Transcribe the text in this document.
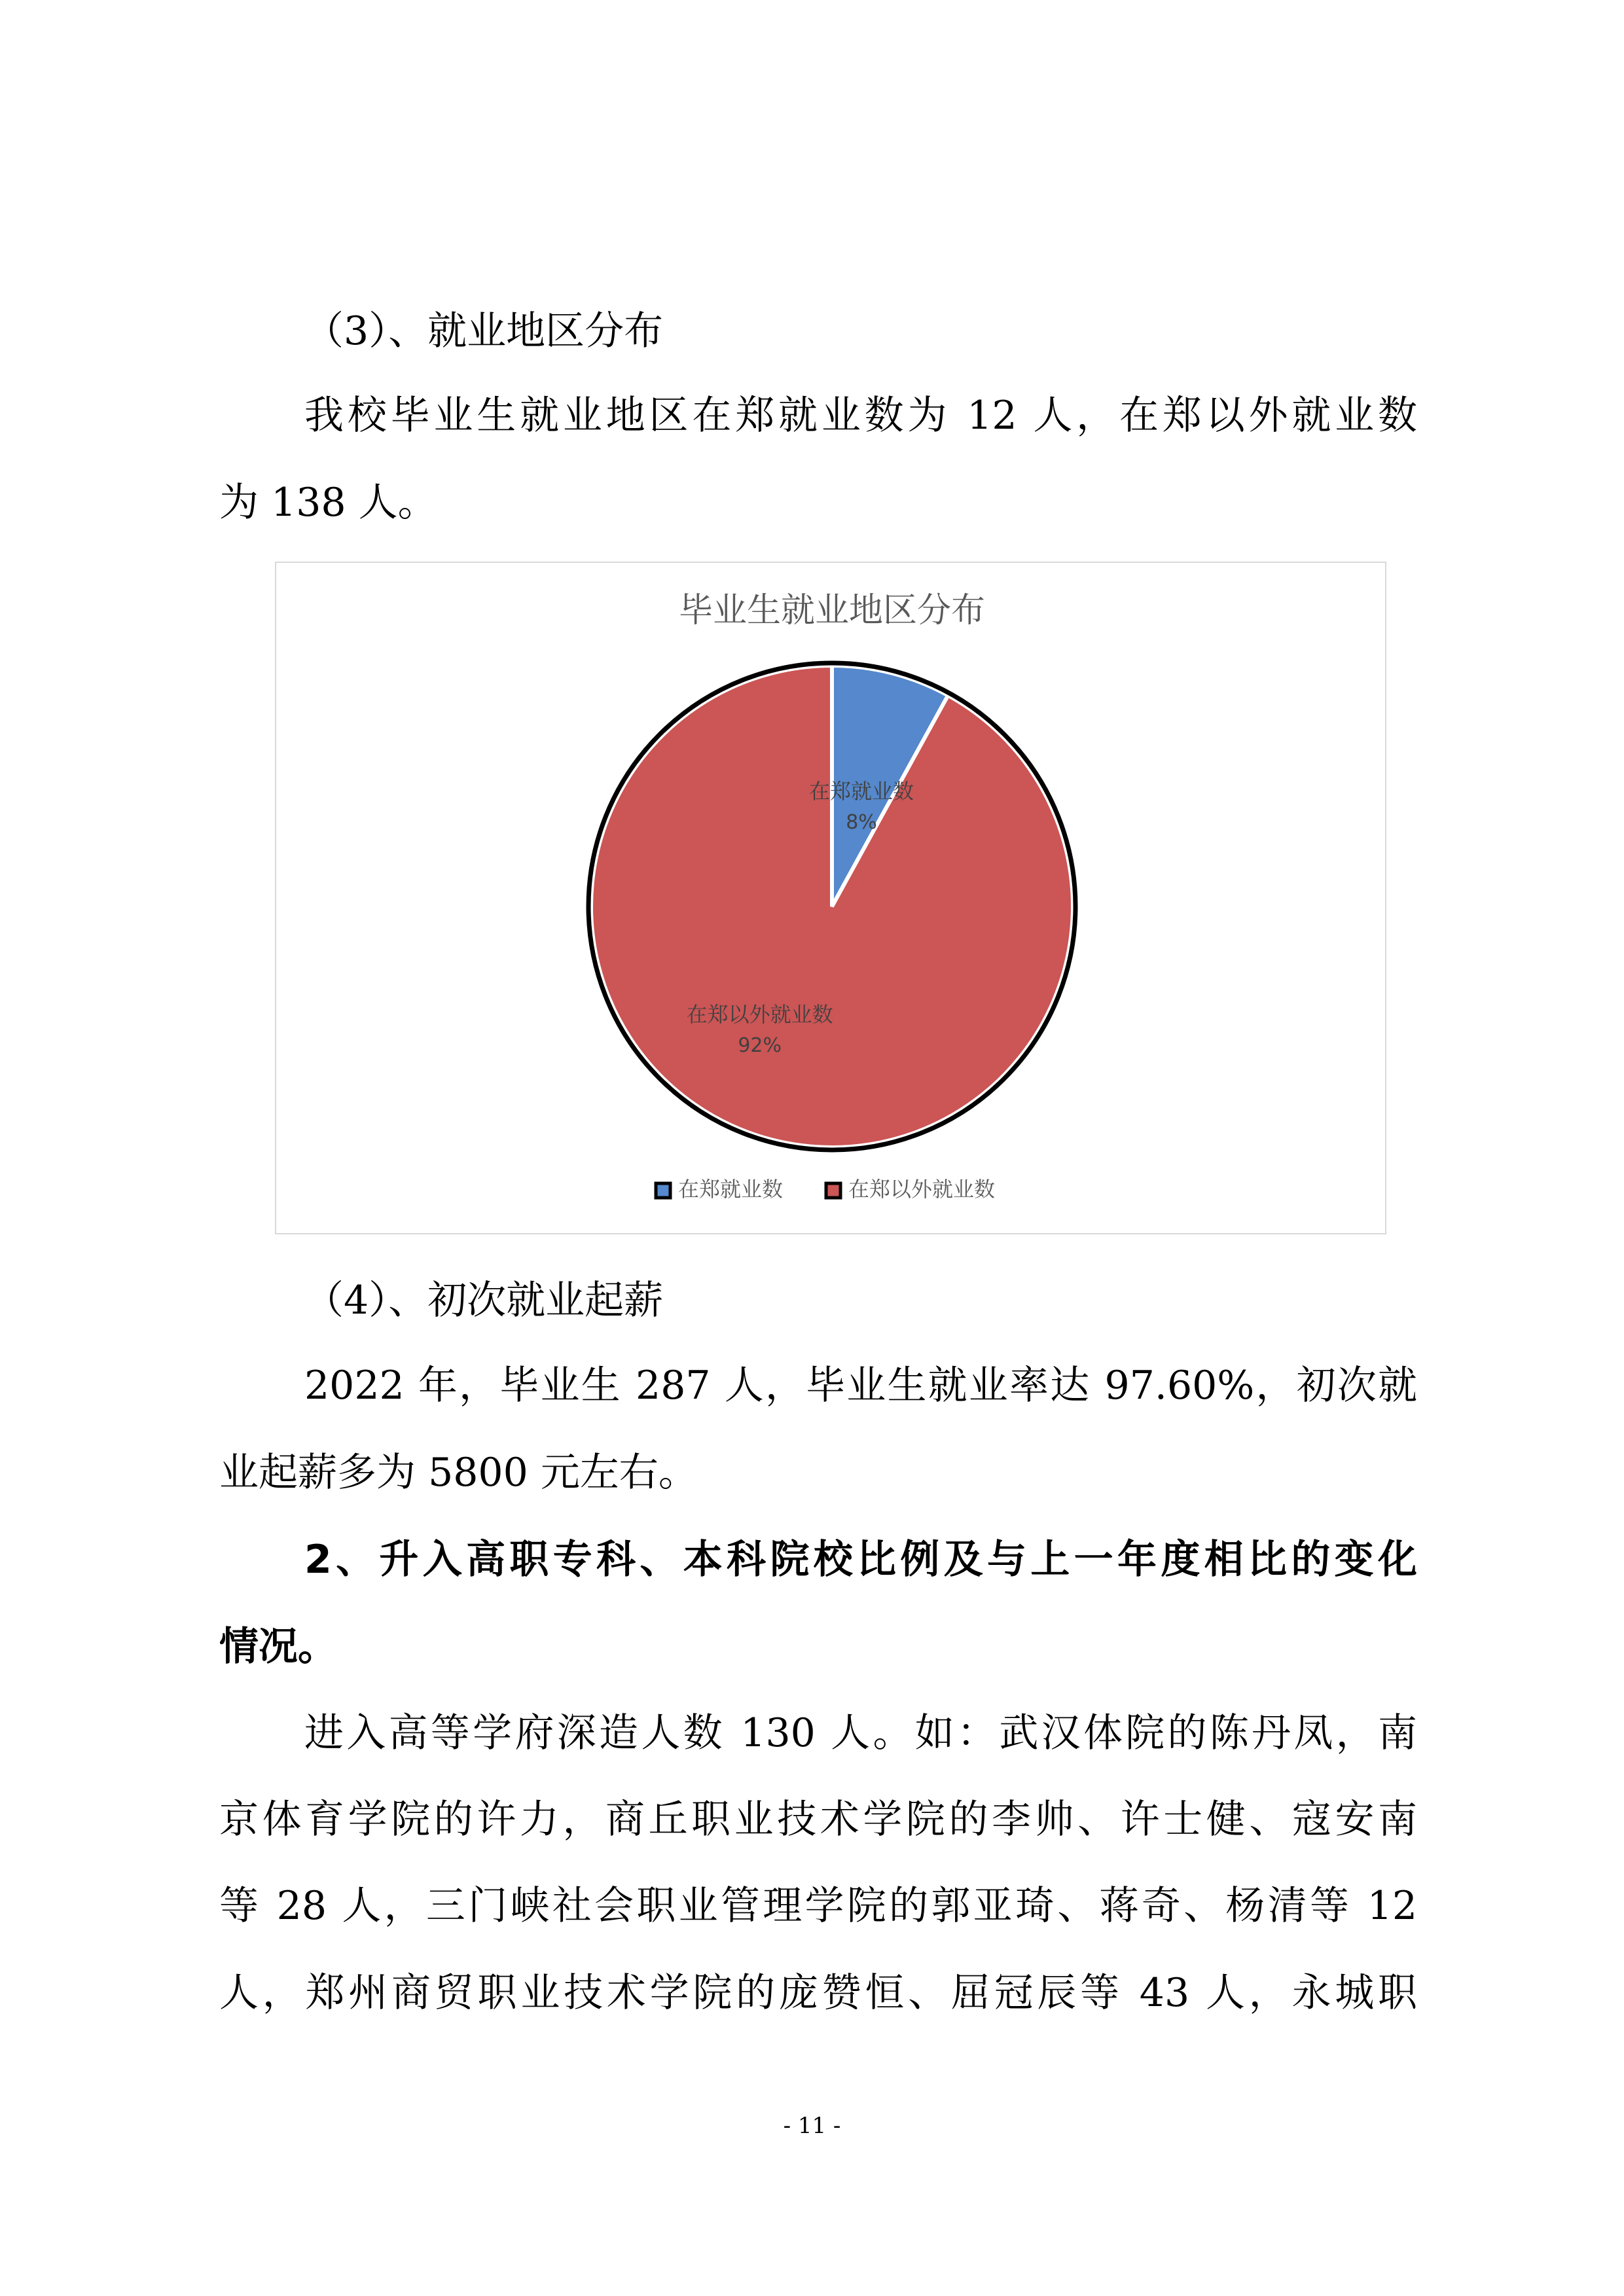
（3）、就业地区分布
我校毕业生就业地区在郑就业数为 12 人，在郑以外就业数
为 138 人。
毕业生就业地区分布
在郑就业数
8%
在郑以外就业数
92%
在郑就业数	在郑以外就业数
（4）、初次就业起薪
2022 年，毕业生 287 人，毕业生就业率达 97.60%，初次就
业起薪多为 5800 元左右。
2、升入高职专科、本科院校比例及与上一年度相比的变化
情况。
进入高等学府深造人数 130 人。如：武汉体院的陈丹凤，南
京体育学院的许力，商丘职业技术学院的李帅、许士健、寇安南
等 28 人，三门峡社会职业管理学院的郭亚琦、蒋奇、杨清等 12
人，郑州商贸职业技术学院的庞赞恒、屈冠辰等 43 人，永城职
- 11 -
